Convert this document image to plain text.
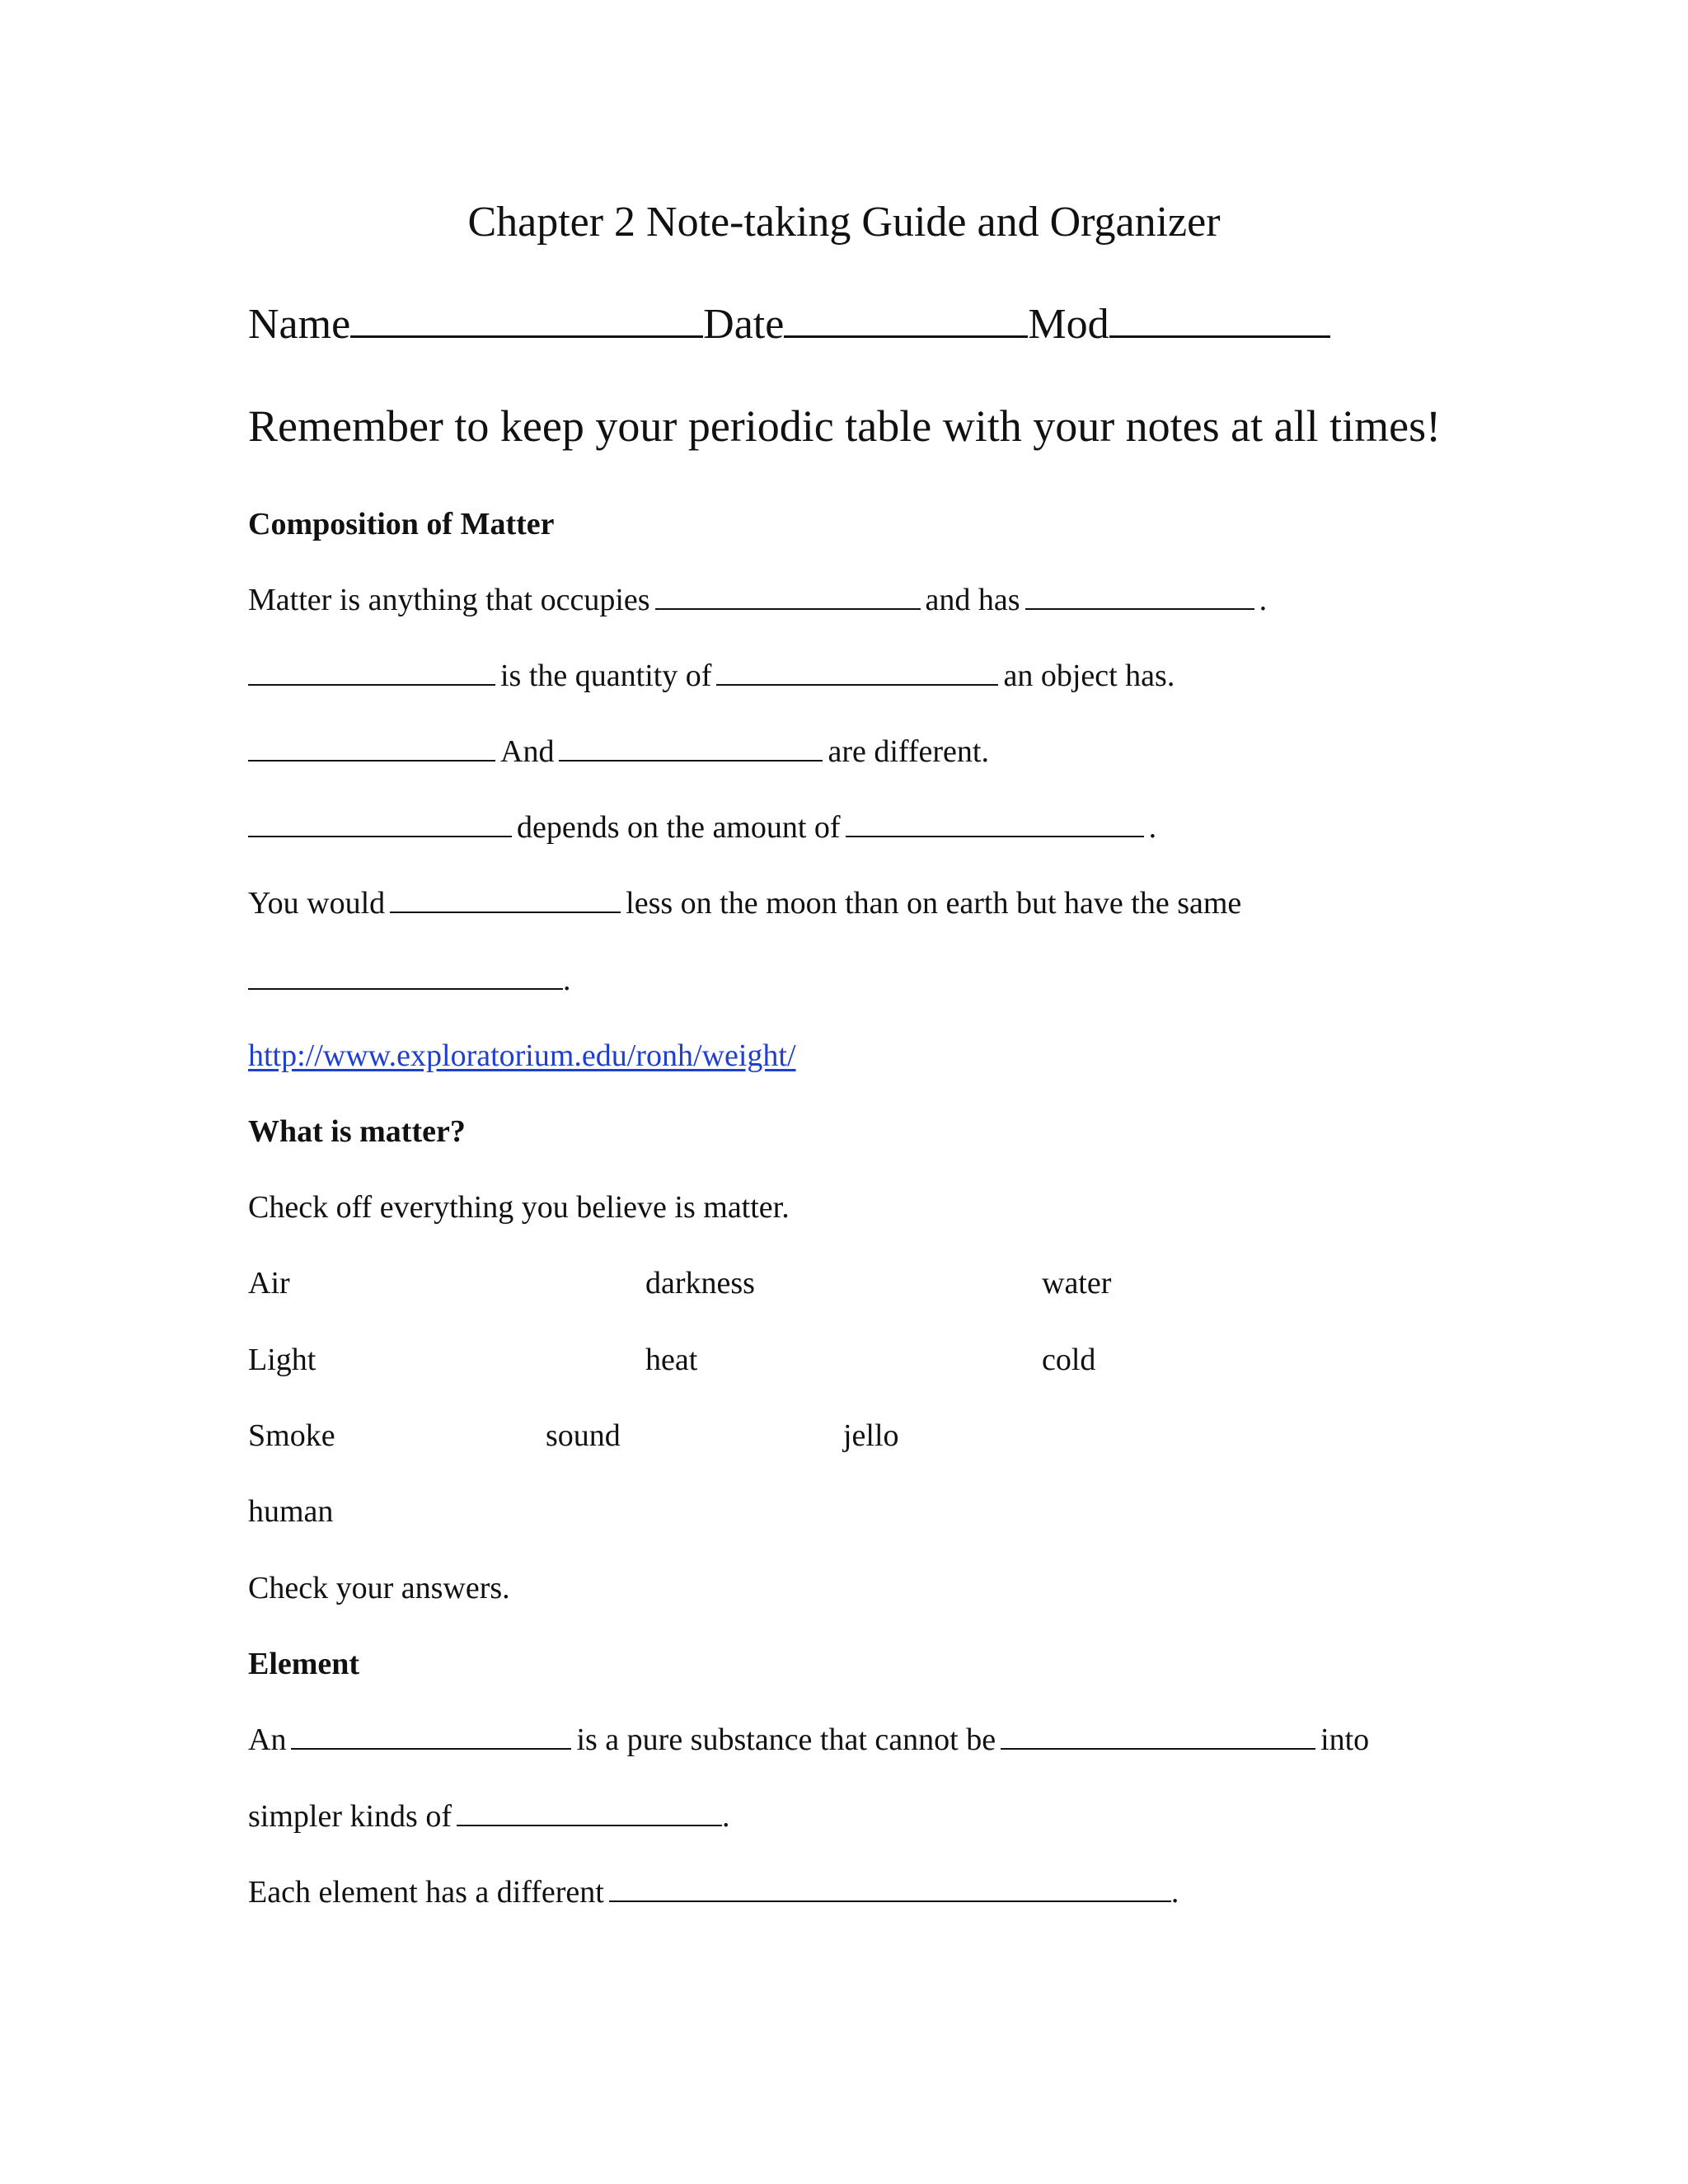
Chapter 2 Note-taking Guide and Organizer
Name	Date	Mod
Remember to keep your periodic table with your notes at all times!
Composition of Matter
Matter is anything that occupies	and has	.
is the quantity of	an object has.
And	are different.
depends on the amount of	.
You would	less on the moon than on earth but have the same
.
http://www.exploratorium.edu/ronh/weight/
What is matter?
Check off everything you believe is matter.
Air	darkness	water
Light	heat	cold
Smoke	sound	jello
human
Check your answers.
Element
An	is a pure substance that cannot be	into
simpler kinds of	.
Each element has a different	.
